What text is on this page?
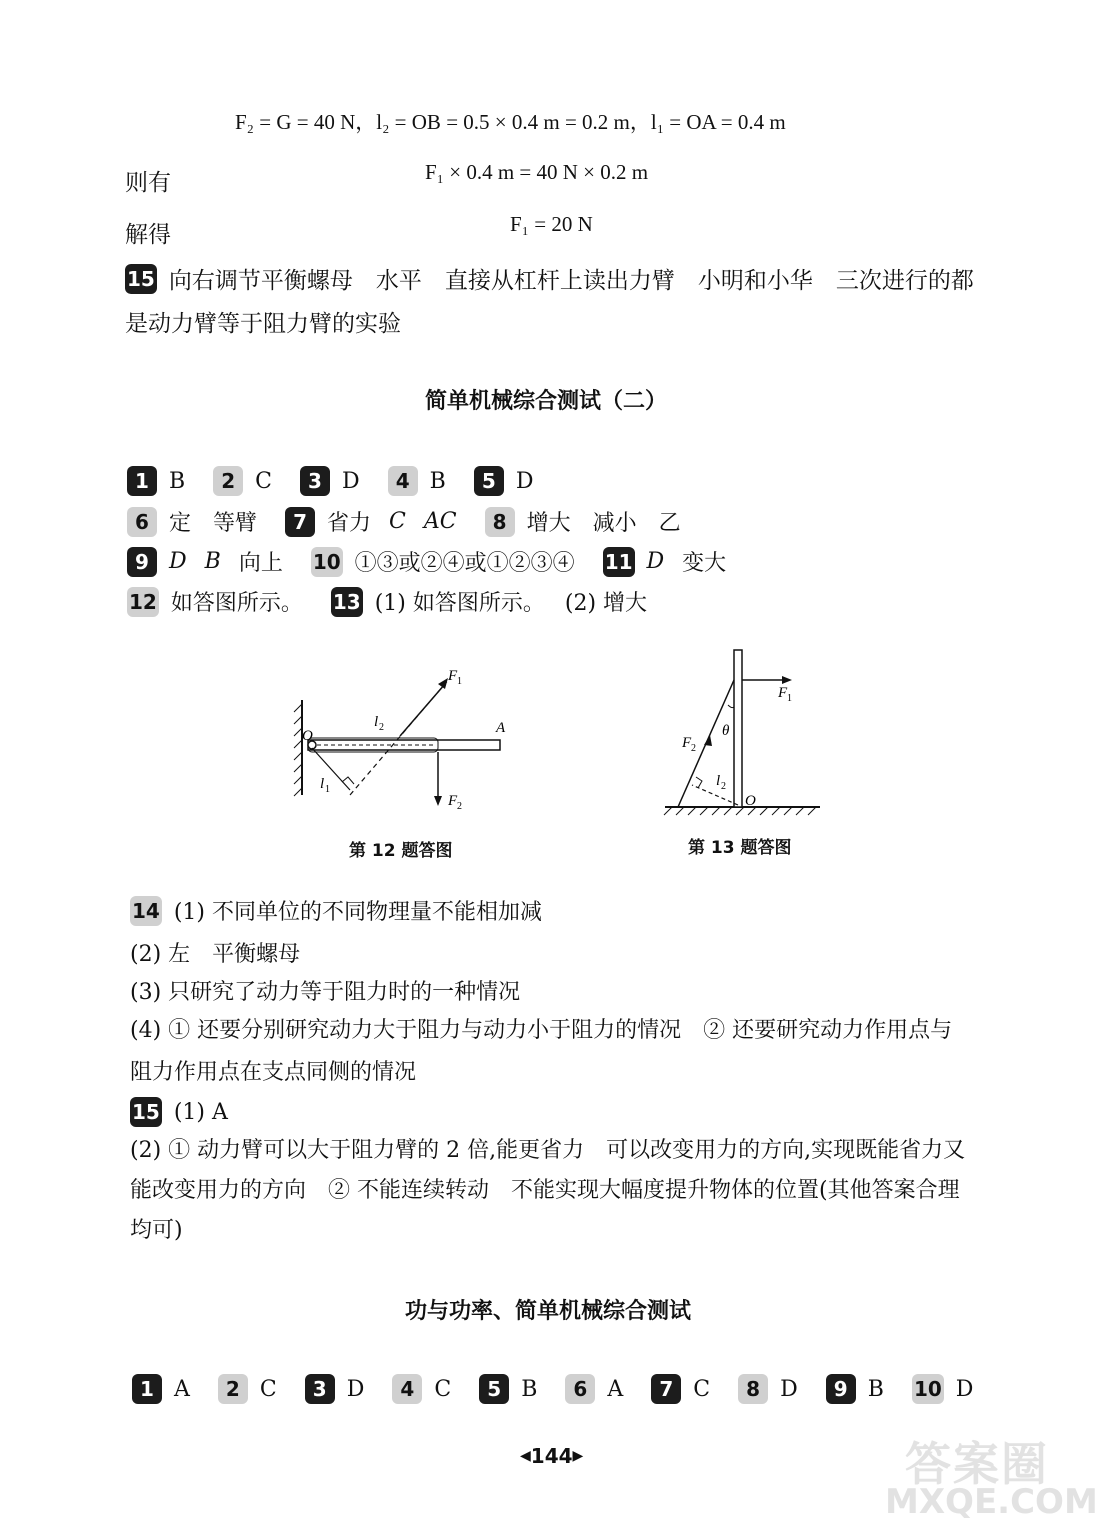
F₂ = G = 40 N，l₂ = OB = 0.5 × 0.4 m = 0.2 m，l₁ = OA = 0.4 m
则有	F₁ × 0.4 m = 40 N × 0.2 m
解得	F₁ = 20 N
15 向右调节平衡螺母　水平　直接从杠杆上读出力臂　小明和小华　三次进行的都
是动力臂等于阻力臂的实验
简单机械综合测试（二）
1 B	2 C	3 D	4 B	5 D
6 定 等臂	7 省力 C AC	8 增大 减小 乙
9 D B 向上 10 ①③或②④或①②③④ 11 D 变大
12 如答图所示。 13 (1) 如答图所示。 (2) 增大
O	A
l 2
l 1
F 1
F 2
第 12 题答图
θ
F 2
F 1
l 2
O
第 13 题答图
14 (1) 不同单位的不同物理量不能相加减
(2) 左　平衡螺母
(3) 只研究了动力等于阻力时的一种情况
(4) ① 还要分别研究动力大于阻力与动力小于阻力的情况　② 还要研究动力作用点与
阻力作用点在支点同侧的情况
15 (1) A
(2) ① 动力臂可以大于阻力臂的 2 倍,能更省力　可以改变用力的方向,实现既能省力又
能改变用力的方向　② 不能连续转动　不能实现大幅度提升物体的位置(其他答案合理
均可)
功与功率、简单机械综合测试
1 A	2 C	3 D	4 C	5 B	6 A	7 C	8 D	9 B 10 D
◀ 144 ▶	答案圈
MXQE.COM
